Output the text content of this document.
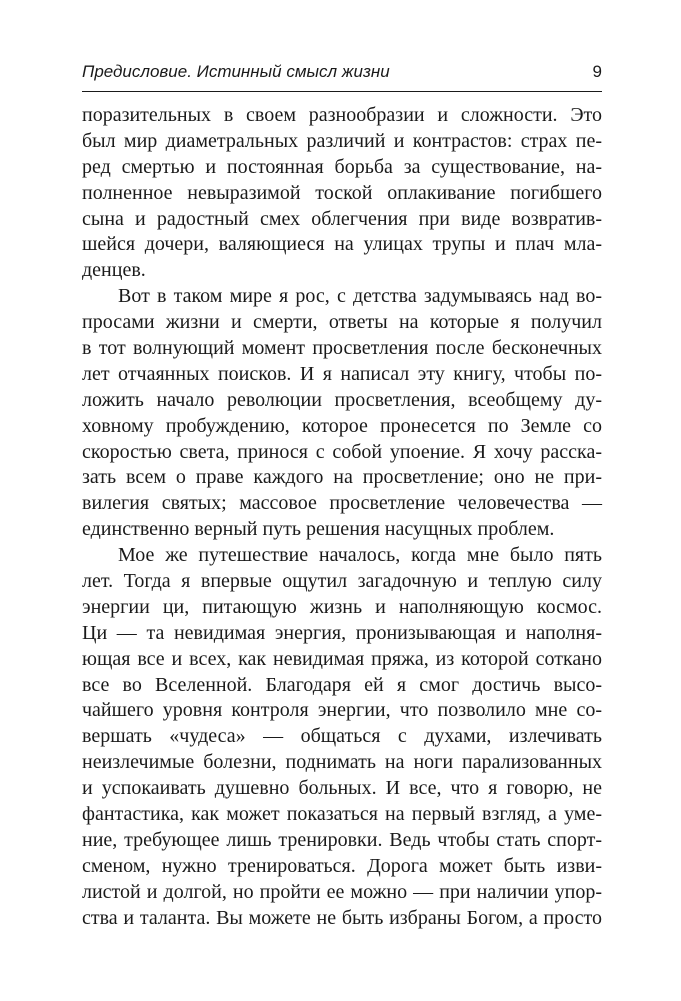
Предисловие. Истинный смысл жизни	9
поразительных в своем разнообразии и сложности. Это
был мир диаметральных различий и контрастов: страх пе-
ред смертью и постоянная борьба за существование, на-
полненное невыразимой тоской оплакивание погибшего
сына и радостный смех облегчения при виде возвратив-
шейся дочери, валяющиеся на улицах трупы и плач мла-
денцев.
Вот в таком мире я рос, с детства задумываясь над во-
просами жизни и смерти, ответы на которые я получил
в тот волнующий момент просветления после бесконечных
лет отчаянных поисков. И я написал эту книгу, чтобы по-
ложить начало революции просветления, всеобщему ду-
ховному пробуждению, которое пронесется по Земле со
скоростью света, принося с собой упоение. Я хочу расска-
зать всем о праве каждого на просветление; оно не при-
вилегия святых; массовое просветление человечества —
единственно верный путь решения насущных проблем.
Мое же путешествие началось, когда мне было пять
лет. Тогда я впервые ощутил загадочную и теплую силу
энергии ци, питающую жизнь и наполняющую космос.
Ци — та невидимая энергия, пронизывающая и наполня-
ющая все и всех, как невидимая пряжа, из которой соткано
все во Вселенной. Благодаря ей я смог достичь высо-
чайшего уровня контроля энергии, что позволило мне со-
вершать «чудеса» — общаться с духами, излечивать
неизлечимые болезни, поднимать на ноги парализованных
и успокаивать душевно больных. И все, что я говорю, не
фантастика, как может показаться на первый взгляд, а уме-
ние, требующее лишь тренировки. Ведь чтобы стать спорт-
сменом, нужно тренироваться. Дорога может быть изви-
листой и долгой, но пройти ее можно — при наличии упор-
ства и таланта. Вы можете не быть избраны Богом, а просто
